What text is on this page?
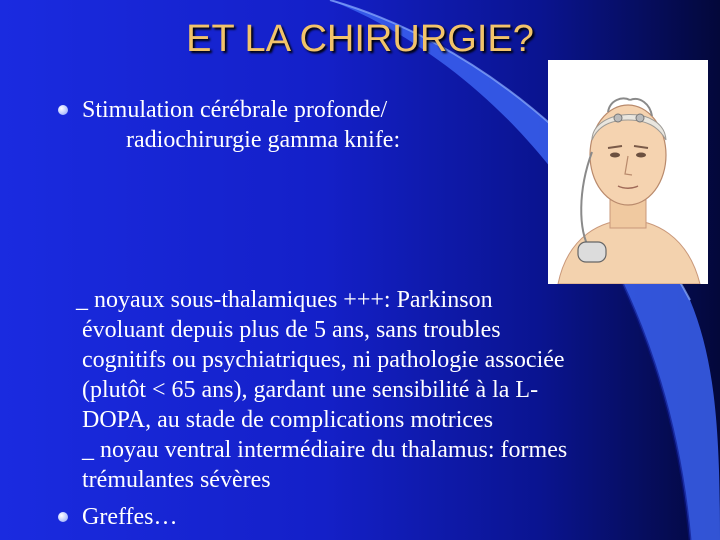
ET LA CHIRURGIE?
Stimulation cérébrale profonde/
radiochirurgie gamma knife:
_ noyaux sous-thalamiques +++: Parkinson
évoluant depuis plus de 5 ans, sans troubles
cognitifs ou psychiatriques, ni pathologie associée
(plutôt < 65 ans), gardant une sensibilité à la L-
DOPA, au stade de complications motrices
_ noyau ventral intermédiaire du thalamus: formes
trémulantes sévères
Greffes…
